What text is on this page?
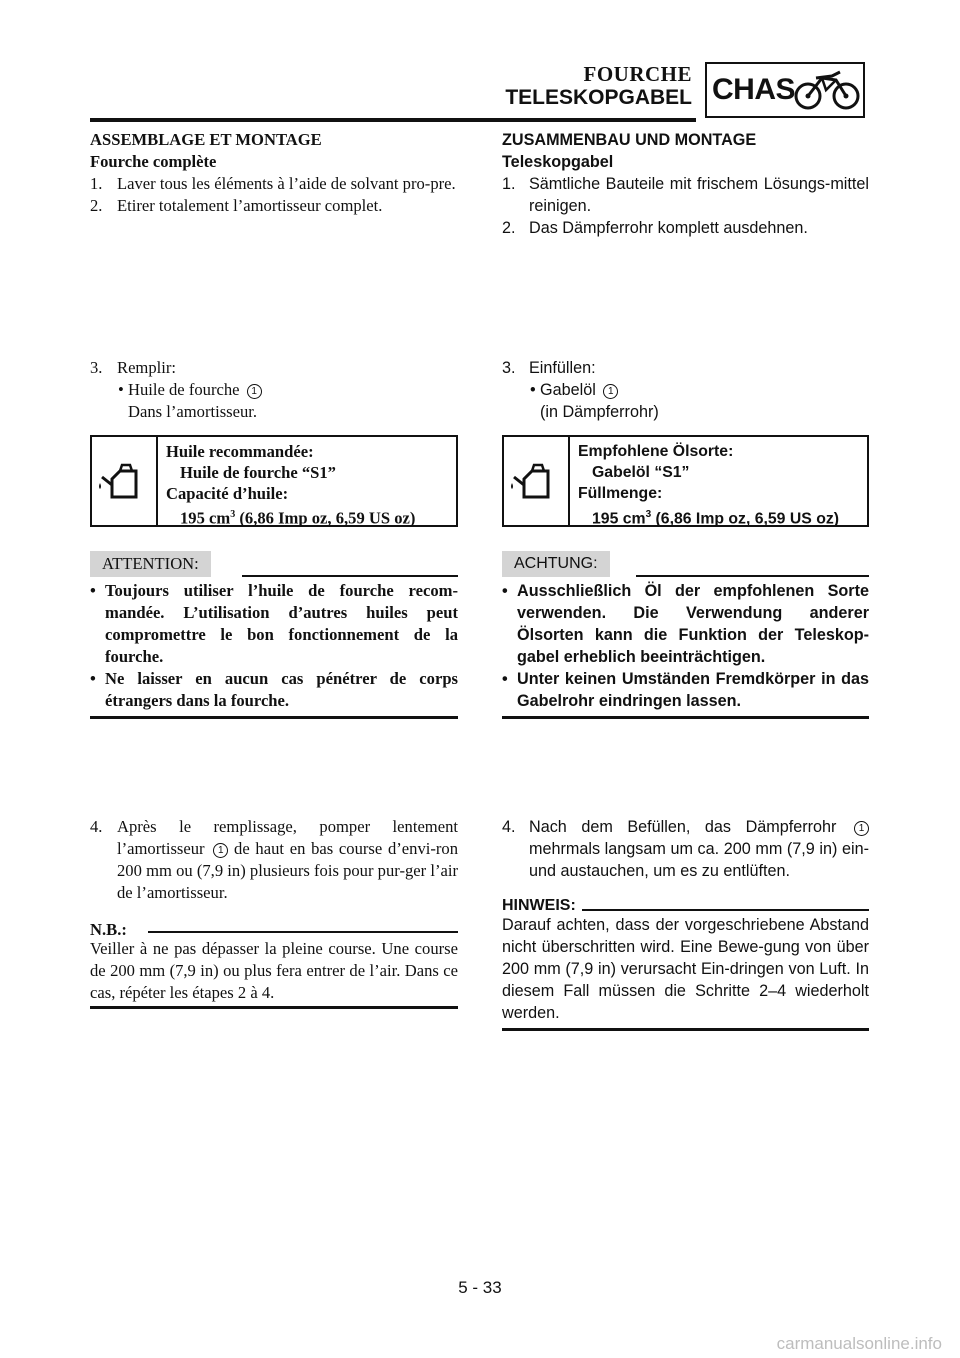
FOURCHE
TELESKOPGABEL CHAS
ASSEMBLAGE ET MONTAGE
Fourche complète
1. Laver tous les éléments à l’aide de solvant pro-pre.
2. Etirer totalement l’amortisseur complet.
3. Remplir:
• Huile de fourche 1
Dans l’amortisseur.
Huile recommandée:
Huile de fourche “S1”
Capacité d’huile:
195 $cm^3$ (6,86 Imp oz, 6,59 US oz)
ATTENTION:
• Toujours utiliser l’huile de fourche recom-mandée. L’utilisation d’autres huiles peut compromettre le bon fonctionnement de la fourche.
• Ne laisser en aucun cas pénétrer de corps étrangers dans la fourche.
4. Après le remplissage, pomper lentement l’amortisseur 1 de haut en bas course d’envi-ron 200 mm ou (7,9 in) plusieurs fois pour pur-ger l’air de l’amortisseur.
N.B.:
Veiller à ne pas dépasser la pleine course. Une course de 200 mm (7,9 in) ou plus fera entrer de l’air. Dans ce cas, répéter les étapes 2 à 4.
ZUSAMMENBAU UND MONTAGE
Teleskopgabel
1. Sämtliche Bauteile mit frischem Lösungs-mittel reinigen.
2. Das Dämpferrohr komplett ausdehnen.
3. Einfüllen:
• Gabelöl 1
(in Dämpferrohr)
Empfohlene Ölsorte:
Gabelöl “S1”
Füllmenge:
195 $cm^3$ (6,86 Imp oz, 6,59 US oz)
ACHTUNG:
• Ausschließlich Öl der empfohlenen Sorte verwenden. Die Verwendung anderer Ölsorten kann die Funktion der Teleskop-gabel erheblich beeinträchtigen.
• Unter keinen Umständen Fremdkörper in das Gabelrohr eindringen lassen.
4. Nach dem Befüllen, das Dämpferrohr 1 mehrmals langsam um ca. 200 mm (7,9 in) ein- und austauchen, um es zu entlüften.
HINWEIS:
Darauf achten, dass der vorgeschriebene Abstand nicht überschritten wird. Eine Bewe-gung von über 200 mm (7,9 in) verursacht Ein-dringen von Luft. In diesem Fall müssen die Schritte 2–4 wiederholt werden.
5 - 33
carmanualsonline.info
